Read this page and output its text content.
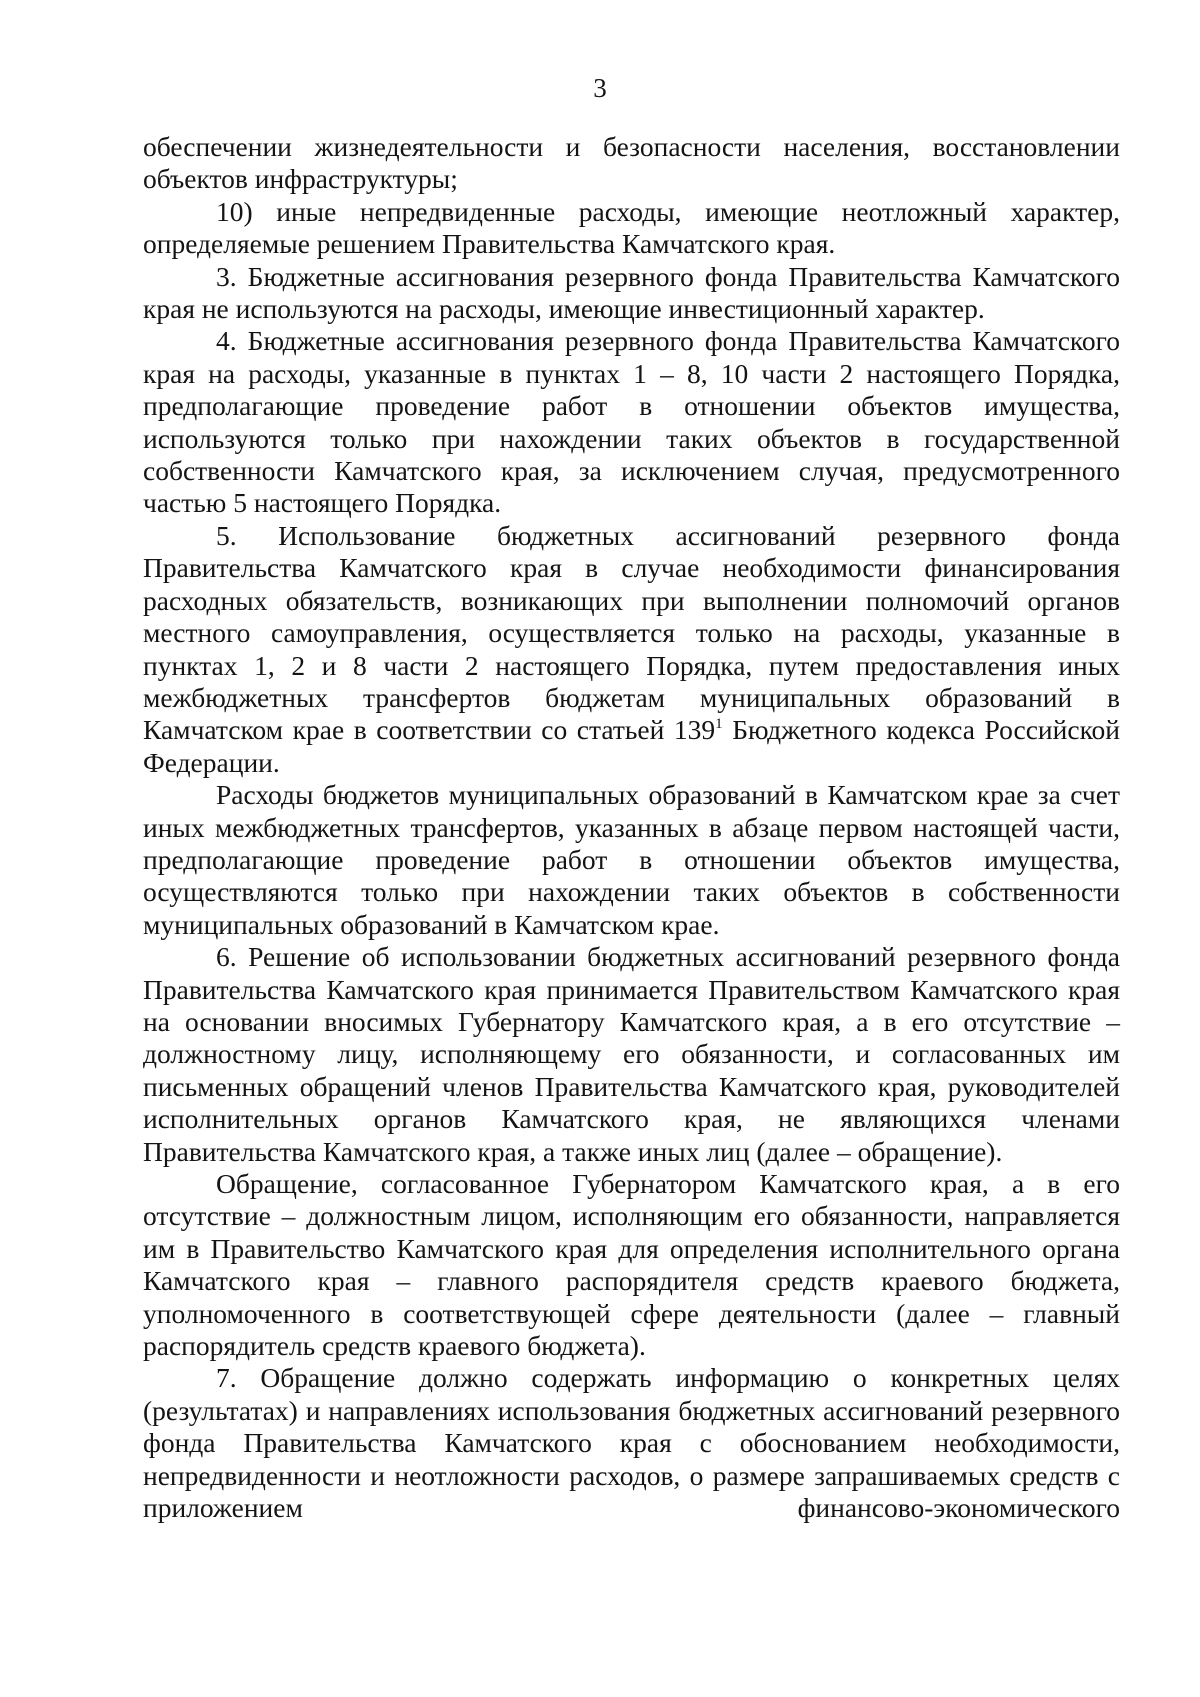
3

обеспечении жизнедеятельности и безопасности населения, восстановлении объектов инфраструктуры;

10) иные непредвиденные расходы, имеющие неотложный характер, определяемые решением Правительства Камчатского края.

3. Бюджетные ассигнования резервного фонда Правительства Камчатского края не используются на расходы, имеющие инвестиционный характер.

4. Бюджетные ассигнования резервного фонда Правительства Камчатского края на расходы, указанные в пунктах 1 – 8, 10 части 2 настоящего Порядка, предполагающие проведение работ в отношении объектов имущества, используются только при нахождении таких объектов в государственной собственности Камчатского края, за исключением случая, предусмотренного частью 5 настоящего Порядка.

5. Использование бюджетных ассигнований резервного фонда Правительства Камчатского края в случае необходимости финансирования расходных обязательств, возникающих при выполнении полномочий органов местного самоуправления, осуществляется только на расходы, указанные в пунктах 1, 2 и 8 части 2 настоящего Порядка, путем предоставления иных межбюджетных трансфертов бюджетам муниципальных образований в Камчатском крае в соответствии со статьей $139^1$ Бюджетного кодекса Российской Федерации.

Расходы бюджетов муниципальных образований в Камчатском крае за счет иных межбюджетных трансфертов, указанных в абзаце первом настоящей части, предполагающие проведение работ в отношении объектов имущества, осуществляются только при нахождении таких объектов в собственности муниципальных образований в Камчатском крае.

6. Решение об использовании бюджетных ассигнований резервного фонда Правительства Камчатского края принимается Правительством Камчатского края на основании вносимых Губернатору Камчатского края, а в его отсутствие – должностному лицу, исполняющему его обязанности, и согласованных им письменных обращений членов Правительства Камчатского края, руководителей исполнительных органов Камчатского края, не являющихся членами Правительства Камчатского края, а также иных лиц (далее – обращение).

Обращение, согласованное Губернатором Камчатского края, а в его отсутствие – должностным лицом, исполняющим его обязанности, направляется им в Правительство Камчатского края для определения исполнительного органа Камчатского края – главного распорядителя средств краевого бюджета, уполномоченного в соответствующей сфере деятельности (далее – главный распорядитель средств краевого бюджета).

7. Обращение должно содержать информацию о конкретных целях (результатах) и направлениях использования бюджетных ассигнований резервного фонда Правительства Камчатского края с обоснованием необходимости, непредвиденности и неотложности расходов, о размере запрашиваемых средств с приложением финансово-экономического
